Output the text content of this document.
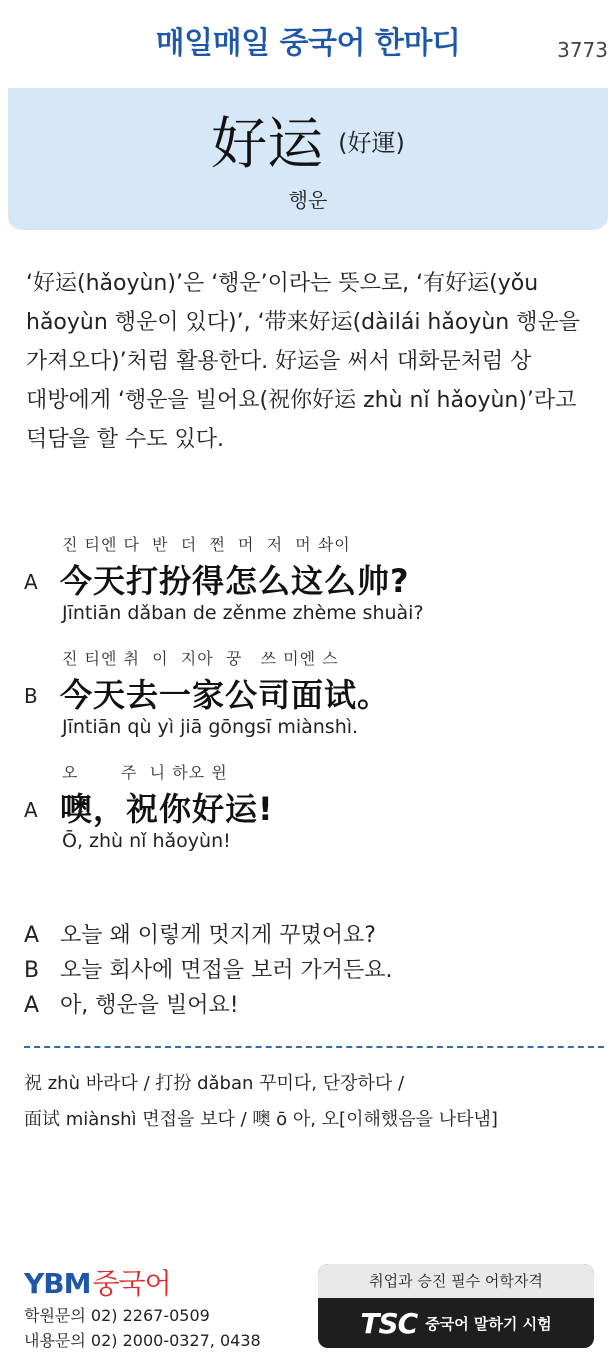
매일매일 중국어 한마디	3773
好运 (好運)
행운

‘好运(hǎoyùn)’은 ‘행운’이라는 뜻으로, ‘有好运(yǒu

hǎoyùn 행운이 있다)’, ‘带来好运(dàilái hǎoyùn 행운을

가져오다)’처럼 활용한다. 好运을 써서 대화문처럼 상

대방에게 ‘행운을 빌어요(祝你好运 zhù nǐ hǎoyùn)’라고

덕담을 할 수도 있다.

진 티엔 다  반  더  쩐  머  저  머 솨이
A 今天打扮得怎么这么帅?
Jīntiān dǎban de zěnme zhème shuài?
진 티엔 취  이  지아  꿍   쓰 미엔 스
B 今天去一家公司面试。
Jīntiān qù yì jiā gōngsī miànshì.
오       주  니 하오 윈
A 噢，祝你好运!
Ō, zhù nǐ hǎoyùn!
A 오늘 왜 이렇게 멋지게 꾸몄어요?
B 오늘 회사에 면접을 보러 가거든요.
A 아, 행운을 빌어요!

祝 zhù 바라다 / 打扮 dǎban 꾸미다, 단장하다 /

面试 miànshì 면접을 보다 / 噢 ō 아, 오[이해했음을 나타냄]

YBM중국어
학원문의 02) 2267-0509
내용문의 02) 2000-0327, 0438
취업과 승진 필수 어학자격
TSC 중국어 말하기 시험
